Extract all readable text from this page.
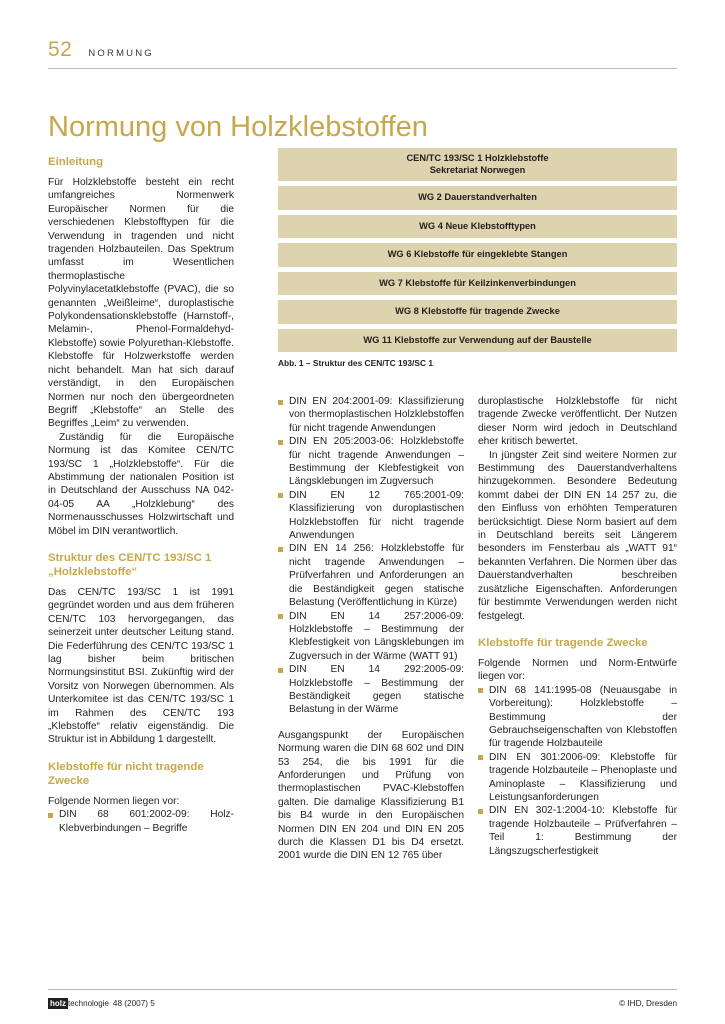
52 NORMUNG
Normung von Holzklebstoffen
CEN/TC 193/SC 1 Holzklebstoffe
Sekretariat Norwegen
WG 2 Dauerstandverhalten
WG 4 Neue Klebstofftypen
WG 6 Klebstoffe für eingeklebte Stangen
WG 7 Klebstoffe für Keilzinkenverbindungen
WG 8 Klebstoffe für tragende Zwecke
WG 11 Klebstoffe zur Verwendung auf der Baustelle
Abb. 1 – Struktur des CEN/TC 193/SC 1
Einleitung

Für Holzklebstoffe besteht ein recht umfangreiches Normenwerk Europäischer Normen für die verschiedenen Klebstofftypen für die Verwendung in tragenden und nicht tragenden Holzbauteilen. Das Spektrum umfasst im Wesentlichen thermoplastische Polyvinylacetatklebstoffe (PVAC), die so genannten „Weißleime“, duroplastische Polykondensationsklebstoffe (Harnstoff-, Melamin-, Phenol-Formaldehyd-Klebstoffe) sowie Polyurethan-Klebstoffe. Klebstoffe für Holzwerkstoffe werden nicht behandelt. Man hat sich darauf verständigt, in den Europäischen Normen nur noch den übergeordneten Begriff „Klebstoffe“ an Stelle des Begriffes „Leim“ zu verwenden.

Zuständig für die Europäische Normung ist das Komitee CEN/TC 193/SC 1 „Holzklebstoffe“. Für die Abstimmung der nationalen Position ist in Deutschland der Ausschuss NA 042-04-05 AA „Holzklebung“ des Normenausschusses Holzwirtschaft und Möbel im DIN verantwortlich.

Struktur des CEN/TC 193/SC 1 „Holzklebstoffe“

Das CEN/TC 193/SC 1 ist 1991 gegründet worden und aus dem früheren CEN/TC 103 hervorgegangen, das seinerzeit unter deutscher Leitung stand. Die Federführung des CEN/TC 193/SC 1 lag bisher beim britischen Normungsinstitut BSI. Zukünftig wird der Vorsitz von Norwegen übernommen. Als Unterkomitee ist das CEN/TC 193/SC 1 im Rahmen des CEN/TC 193 „Klebstoffe“ relativ eigenständig. Die Struktur ist in Abbildung 1 dargestellt.

Klebstoffe für nicht tragende Zwecke

Folgende Normen liegen vor:

DIN 68 601:2002-09: Holz-Klebverbindungen – Begriffe
DIN EN 204:2001-09: Klassifizierung von thermoplastischen Holzklebstoffen für nicht tragende Anwendungen
DIN EN 205:2003-06: Holzklebstoffe für nicht tragende Anwendungen – Bestimmung der Klebfestigkeit von Längsklebungen im Zugversuch
DIN EN 12 765:2001-09: Klassifizierung von duroplastischen Holzklebstoffen für nicht tragende Anwendungen
DIN EN 14 256: Holzklebstoffe für nicht tragende Anwendungen – Prüfverfahren und Anforderungen an die Beständigkeit gegen statische Belastung (Veröffentlichung in Kürze)
DIN EN 14 257:2006-09: Holzklebstoffe – Bestimmung der Klebfestigkeit von Längsklebungen im Zugversuch in der Wärme (WATT 91)
DIN EN 14 292:2005-09: Holzklebstoffe – Bestimmung der Beständigkeit gegen statische Belastung in der Wärme

Ausgangspunkt der Europäischen Normung waren die DIN 68 602 und DIN 53 254, die bis 1991 für die Anforderungen und Prüfung von thermoplastischen PVAC-Klebstoffen galten. Die damalige Klassifizierung B1 bis B4 wurde in den Europäischen Normen DIN EN 204 und DIN EN 205 durch die Klassen D1 bis D4 ersetzt. 2001 wurde die DIN EN 12 765 über

duroplastische Holzklebstoffe für nicht tragende Zwecke veröffentlicht. Der Nutzen dieser Norm wird jedoch in Deutschland eher kritisch bewertet.

In jüngster Zeit sind weitere Normen zur Bestimmung des Dauerstandverhaltens hinzugekommen. Besondere Bedeutung kommt dabei der DIN EN 14 257 zu, die den Einfluss von erhöhten Temperaturen berücksichtigt. Diese Norm basiert auf dem in Deutschland bereits seit Längerem besonders im Fensterbau als „WATT 91“ bekannten Verfahren. Die Normen über das Dauerstandverhalten beschreiben zusätzliche Eigenschaften. Anforderungen für bestimmte Verwendungen werden nicht festgelegt.

Klebstoffe für tragende Zwecke

Folgende Normen und Norm-Entwürfe liegen vor:

DIN 68 141:1995-08 (Neuausgabe in Vorbereitung): Holzklebstoffe – Bestimmung der Gebrauchseigenschaften von Klebstoffen für tragende Holzbauteile
DIN EN 301:2006-09: Klebstoffe für tragende Holzbauteile – Phenoplaste und Aminoplaste – Klassifizierung und Leistungsanforderungen
DIN EN 302-1:2004-10: Klebstoffe für tragende Holzbauteile – Prüfverfahren – Teil 1: Bestimmung der Längszugscherfestigkeit
holz technologie 48 (2007) 5	© IHD, Dresden
